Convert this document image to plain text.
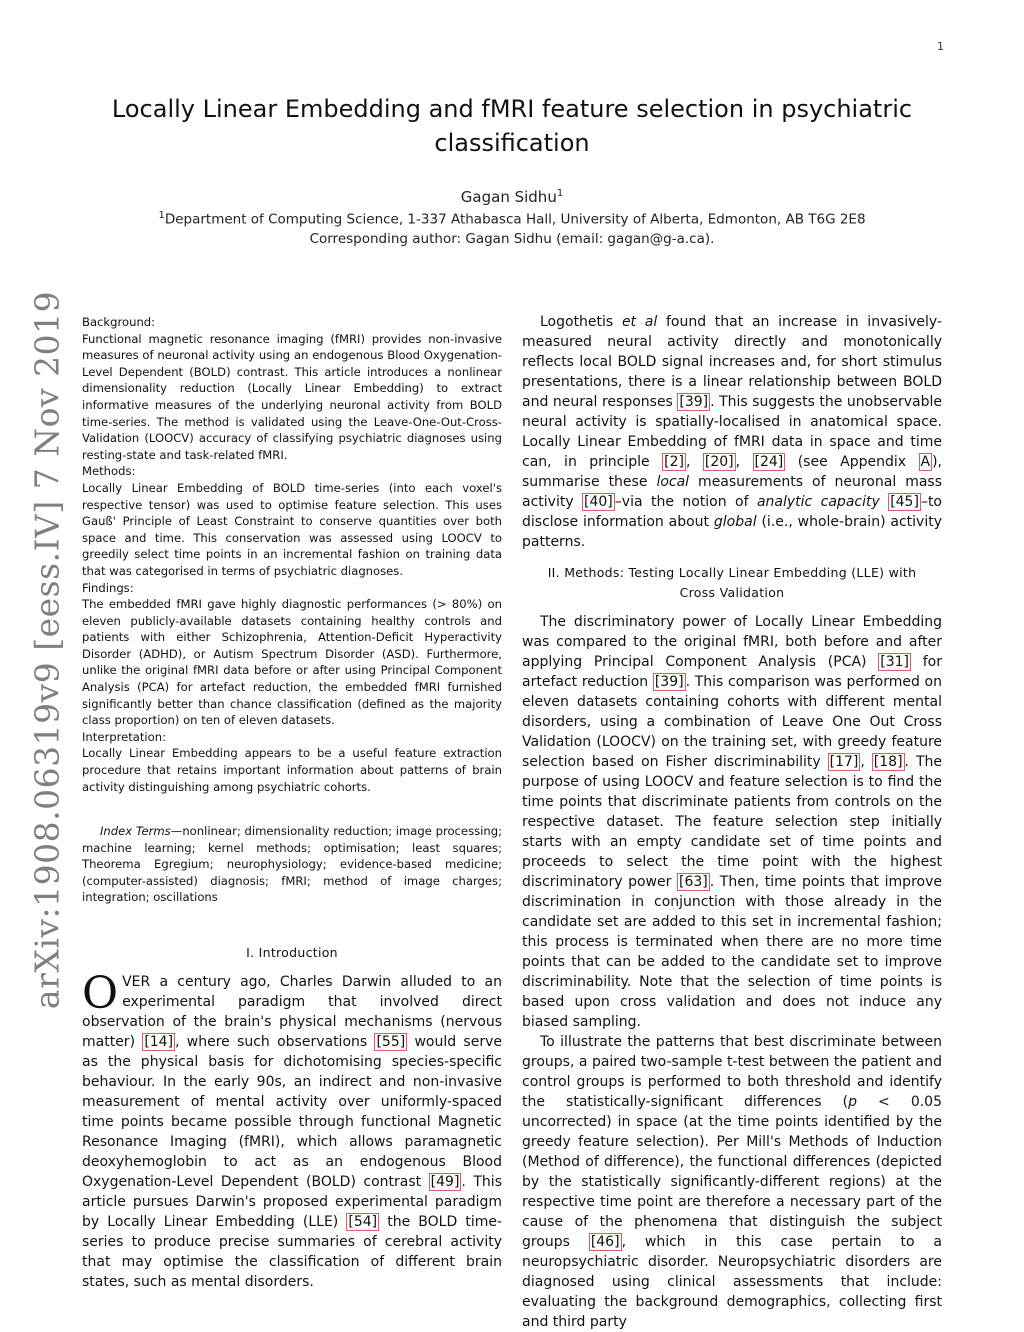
1
arXiv:1908.06319v9 [eess.IV] 7 Nov 2019
Locally Linear Embedding and fMRI feature selection in psychiatric classification
Gagan Sidhu$^1$
$^1$Department of Computing Science, 1-337 Athabasca Hall, University of Alberta, Edmonton, AB T6G 2E8
Corresponding author: Gagan Sidhu (email: gagan@g-a.ca).

Background:

Functional magnetic resonance imaging (fMRI) provides non-invasive measures of neuronal activity using an endogenous Blood Oxygenation-Level Dependent (BOLD) contrast. This article introduces a nonlinear dimensionality reduction (Locally Linear Embedding) to extract informative measures of the underlying neuronal activity from BOLD time-series. The method is validated using the Leave-One-Out-Cross-Validation (LOOCV) accuracy of classifying psychiatric diagnoses using resting-state and task-related fMRI.

Methods:

Locally Linear Embedding of BOLD time-series (into each voxel's respective tensor) was used to optimise feature selection. This uses Gauß' Principle of Least Constraint to conserve quantities over both space and time. This conservation was assessed using LOOCV to greedily select time points in an incremental fashion on training data that was categorised in terms of psychiatric diagnoses.

Findings:

The embedded fMRI gave highly diagnostic performances (> 80%) on eleven publicly-available datasets containing healthy controls and patients with either Schizophrenia, Attention-Deficit Hyperactivity Disorder (ADHD), or Autism Spectrum Disorder (ASD). Furthermore, unlike the original fMRI data before or after using Principal Component Analysis (PCA) for artefact reduction, the embedded fMRI furnished significantly better than chance classification (defined as the majority class proportion) on ten of eleven datasets.

Interpretation:

Locally Linear Embedding appears to be a useful feature extraction procedure that retains important information about patterns of brain activity distinguishing among psychiatric cohorts.

Index Terms—nonlinear; dimensionality reduction; image processing; machine learning; kernel methods; optimisation; least squares; Theorema Egregium; neurophysiology; evidence-based medicine; (computer-assisted) diagnosis; fMRI; method of image charges; integration; oscillations

I. Introduction

OVER a century ago, Charles Darwin alluded to an experimental paradigm that involved direct observation of the brain's physical mechanisms (nervous matter) [14] , where such observations [55] would serve as the physical basis for dichotomising species-specific behaviour. In the early 90s, an indirect and non-invasive measurement of mental activity over uniformly-spaced time points became possible through functional Magnetic Resonance Imaging (fMRI), which allows paramagnetic deoxyhemoglobin to act as an endogenous Blood Oxygenation-Level Dependent (BOLD) contrast [49] . This article pursues Darwin's proposed experimental paradigm by Locally Linear Embedding (LLE) [54] the BOLD time-series to produce precise summaries of cerebral activity that may optimise the classification of different brain states, such as mental disorders.

Logothetis et al found that an increase in invasively-measured neural activity directly and monotonically reflects local BOLD signal increases and, for short stimulus presentations, there is a linear relationship between BOLD and neural responses [39] . This suggests the unobservable neural activity is spatially-localised in anatomical space. Locally Linear Embedding of fMRI data in space and time can, in principle [2] , [20] , [24] (see Appendix A ), summarise these local measurements of neuronal mass activity [40] –via the notion of analytic capacity [45] –to disclose information about global (i.e., whole-brain) activity patterns.

II. Methods: Testing Locally Linear Embedding (LLE) with
Cross Validation

The discriminatory power of Locally Linear Embedding was compared to the original fMRI, both before and after applying Principal Component Analysis (PCA) [31] for artefact reduction [39] . This comparison was performed on eleven datasets containing cohorts with different mental disorders, using a combination of Leave One Out Cross Validation (LOOCV) on the training set, with greedy feature selection based on Fisher discriminability [17] , [18] . The purpose of using LOOCV and feature selection is to find the time points that discriminate patients from controls on the respective dataset. The feature selection step initially starts with an empty candidate set of time points and proceeds to select the time point with the highest discriminatory power [63] . Then, time points that improve discrimination in conjunction with those already in the candidate set are added to this set in incremental fashion; this process is terminated when there are no more time points that can be added to the candidate set to improve discriminability. Note that the selection of time points is based upon cross validation and does not induce any biased sampling.

To illustrate the patterns that best discriminate between groups, a paired two-sample t-test between the patient and control groups is performed to both threshold and identify the statistically-significant differences (p < 0.05 uncorrected) in space (at the time points identified by the greedy feature selection). Per Mill's Methods of Induction (Method of difference), the functional differences (depicted by the statistically significantly-different regions) at the respective time point are therefore a necessary part of the cause of the phenomena that distinguish the subject groups [46] , which in this case pertain to a neuropsychiatric disorder. Neuropsychiatric disorders are diagnosed using clinical assessments that include: evaluating the background demographics, collecting first and third party
